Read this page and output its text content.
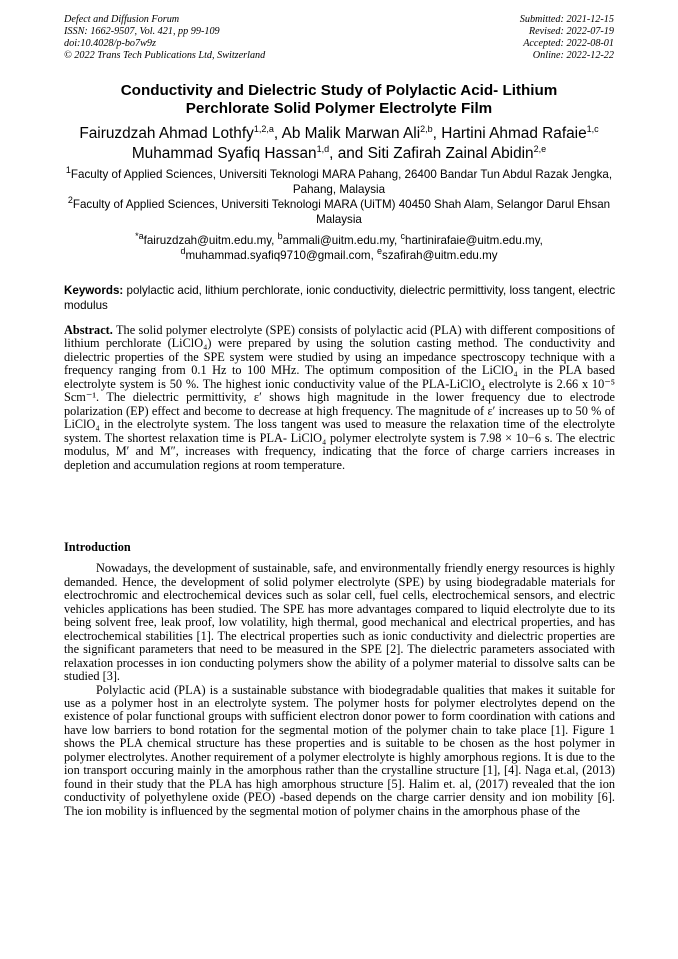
Defect and Diffusion Forum
ISSN: 1662-9507, Vol. 421, pp 99-109
doi:10.4028/p-bo7w9z
© 2022 Trans Tech Publications Ltd, Switzerland
Submitted: 2021-12-15
Revised: 2022-07-19
Accepted: 2022-08-01
Online: 2022-12-22
Conductivity and Dielectric Study of Polylactic Acid- Lithium
Perchlorate Solid Polymer Electrolyte Film
Fairuzdzah Ahmad Lothfy$^{1,2,a}$, Ab Malik Marwan Ali$^{2,b}$, Hartini Ahmad Rafaie$^{1,c}$
Muhammad Syafiq Hassan$^{1,d}$, and Siti Zafirah Zainal Abidin$^{2,e}$
$^1$Faculty of Applied Sciences, Universiti Teknologi MARA Pahang, 26400 Bandar Tun Abdul Razak Jengka, Pahang, Malaysia
$^2$Faculty of Applied Sciences, Universiti Teknologi MARA (UiTM) 40450 Shah Alam, Selangor Darul Ehsan Malaysia
$^{*a}$fairuzdzah@uitm.edu.my, $^b$ammali@uitm.edu.my, $^c$hartinirafaie@uitm.edu.my,
$^d$muhammad.syafiq9710@gmail.com, $^e$szafirah@uitm.edu.my
Keywords: polylactic acid, lithium perchlorate, ionic conductivity, dielectric permittivity, loss tangent, electric modulus

Abstract. The solid polymer electrolyte (SPE) consists of polylactic acid (PLA) with different compositions of lithium perchlorate (LiClO₄) were prepared by using the solution casting method. The conductivity and dielectric properties of the SPE system were studied by using an impedance spectroscopy technique with a frequency ranging from 0.1 Hz to 100 MHz. The optimum composition of the LiClO₄ in the PLA based electrolyte system is 50 %. The highest ionic conductivity value of the PLA-LiClO₄ electrolyte is 2.66 x 10⁻⁵ Scm⁻¹. The dielectric permittivity, ε′ shows high magnitude in the lower frequency due to electrode polarization (EP) effect and become to decrease at high frequency. The magnitude of ε′ increases up to 50 % of LiClO₄ in the electrolyte system. The loss tangent was used to measure the relaxation time of the electrolyte system. The shortest relaxation time is PLA- LiClO₄ polymer electrolyte system is 7.98 × 10−6 s. The electric modulus, M′ and M″, increases with frequency, indicating that the force of charge carriers increases in depletion and accumulation regions at room temperature.

Introduction

Nowadays, the development of sustainable, safe, and environmentally friendly energy resources is highly demanded. Hence, the development of solid polymer electrolyte (SPE) by using biodegradable materials for electrochromic and electrochemical devices such as solar cell, fuel cells, electrochemical sensors, and electric vehicles applications has been studied. The SPE has more advantages compared to liquid electrolyte due to its being solvent free, leak proof, low volatility, high thermal, good mechanical and electrical properties, and has electrochemical stabilities [1]. The electrical properties such as ionic conductivity and dielectric properties are the significant parameters that need to be measured in the SPE [2]. The dielectric parameters associated with relaxation processes in ion conducting polymers show the ability of a polymer material to dissolve salts can be studied [3].

Polylactic acid (PLA) is a sustainable substance with biodegradable qualities that makes it suitable for use as a polymer host in an electrolyte system. The polymer hosts for polymer electrolytes depend on the existence of polar functional groups with sufficient electron donor power to form coordination with cations and have low barriers to bond rotation for the segmental motion of the polymer chain to take place [1]. Figure 1 shows the PLA chemical structure has these properties and is suitable to be chosen as the host polymer in polymer electrolytes. Another requirement of a polymer electrolyte is highly amorphous regions. It is due to the ion transport occuring mainly in the amorphous rather than the crystalline structure [1], [4]. Naga et.al, (2013) found in their study that the PLA has high amorphous structure [5]. Halim et. al, (2017) revealed that the ion conductivity of polyethylene oxide (PEO) -based depends on the charge carrier density and ion mobility [6]. The ion mobility is influenced by the segmental motion of polymer chains in the amorphous phase of the
